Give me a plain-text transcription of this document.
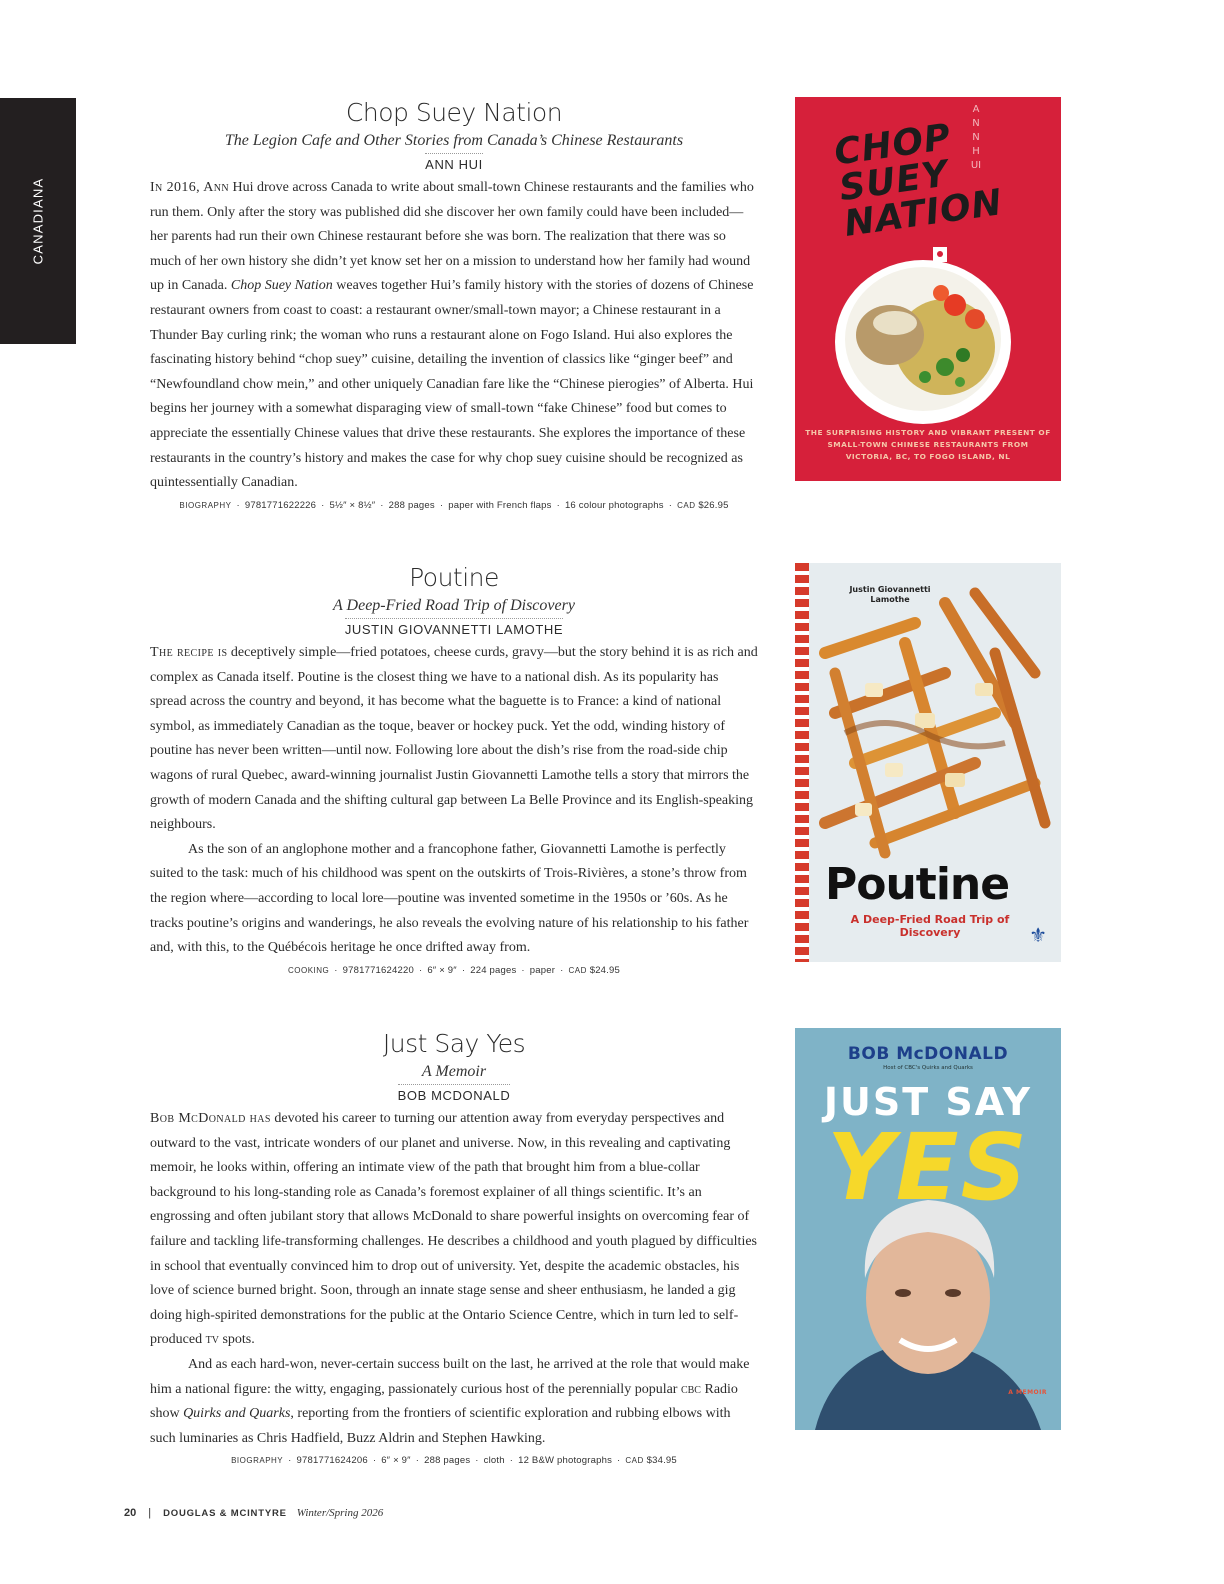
CANADIANA
Chop Suey Nation
The Legion Cafe and Other Stories from Canada’s Chinese Restaurants
ANN HUI

In 2016, Ann Hui drove across Canada to write about small-town Chinese restaurants and the families who run them. Only after the story was published did she discover her own family could have been included—her parents had run their own Chinese restaurant before she was born. The realization that there was so much of her own history she didn’t yet know set her on a mission to understand how her family had wound up in Canada. Chop Suey Nation weaves together Hui’s family history with the stories of dozens of Chinese restaurant owners from coast to coast: a restaurant owner/small-town mayor; a Chinese restaurant in a Thunder Bay curling rink; the woman who runs a restaurant alone on Fogo Island. Hui also explores the fascinating history behind “chop suey” cuisine, detailing the invention of classics like “ginger beef” and “Newfoundland chow mein,” and other uniquely Canadian fare like the “Chinese pierogies” of Alberta. Hui begins her journey with a somewhat disparaging view of small-town “fake Chinese” food but comes to appreciate the essentially Chinese values that drive these restaurants. She explores the importance of these restaurants in the country’s history and makes the case for why chop suey cuisine should be recognized as quintessentially Canadian.

BIOGRAPHY · 9781771622226 · 5½″ × 8½″ · 288 pages · paper with French flaps · 16 colour photographs · CAD $26.95
CHOP SUEY NATION
ANN HUI
THE SURPRISING HISTORY AND VIBRANT PRESENT OF SMALL-TOWN CHINESE RESTAURANTS FROM VICTORIA, BC, TO FOGO ISLAND, NL
Poutine
A Deep-Fried Road Trip of Discovery
JUSTIN GIOVANNETTI LAMOTHE

The recipe is deceptively simple—fried potatoes, cheese curds, gravy—but the story behind it is as rich and complex as Canada itself. Poutine is the closest thing we have to a national dish. As its popularity has spread across the country and beyond, it has become what the baguette is to France: a kind of national symbol, as immediately Canadian as the toque, beaver or hockey puck. Yet the odd, winding history of poutine has never been written—until now. Following lore about the dish’s rise from the road-side chip wagons of rural Quebec, award-winning journalist Justin Giovannetti Lamothe tells a story that mirrors the growth of modern Canada and the shifting cultural gap between La Belle Province and its English-speaking neighbours.

As the son of an anglophone mother and a francophone father, Giovannetti Lamothe is perfectly suited to the task: much of his childhood was spent on the outskirts of Trois-Rivières, a stone’s throw from the region where—according to local lore—poutine was invented sometime in the 1950s or ’60s. As he tracks poutine’s origins and wanderings, he also reveals the evolving nature of his relationship to his father and, with this, to the Québécois heritage he once drifted away from.

COOKING · 9781771624220 · 6″ × 9″ · 224 pages · paper · CAD $24.95
Justin Giovannetti Lamothe
Poutine
A Deep-Fried Road Trip of Discovery	⚜
Just Say Yes
A Memoir
BOB MCDONALD

Bob McDonald has devoted his career to turning our attention away from everyday perspectives and outward to the vast, intricate wonders of our planet and universe. Now, in this revealing and captivating memoir, he looks within, offering an intimate view of the path that brought him from a blue-collar background to his long-standing role as Canada’s foremost explainer of all things scientific. It’s an engrossing and often jubilant story that allows McDonald to share powerful insights on overcoming fear of failure and tackling life-transforming challenges. He describes a childhood and youth plagued by difficulties in school that eventually convinced him to drop out of university. Yet, despite the academic obstacles, his love of science burned bright. Soon, through an innate stage sense and sheer enthusiasm, he landed a gig doing high-spirited demonstrations for the public at the Ontario Science Centre, which in turn led to self-produced tv spots.

And as each hard-won, never-certain success built on the last, he arrived at the role that would make him a national figure: the witty, engaging, passionately curious host of the perennially popular cbc Radio show Quirks and Quarks, reporting from the frontiers of scientific exploration and rubbing elbows with such luminaries as Chris Hadfield, Buzz Aldrin and Stephen Hawking.

BIOGRAPHY · 9781771624206 · 6″ × 9″ · 288 pages · cloth · 12 B&W photographs · CAD $34.95
BOB McDONALD
Host of CBC's Quirks and Quarks
JUST SAY
YES
A MEMOIR
20 | DOUGLAS & MCINTYRE Winter/Spring 2026
